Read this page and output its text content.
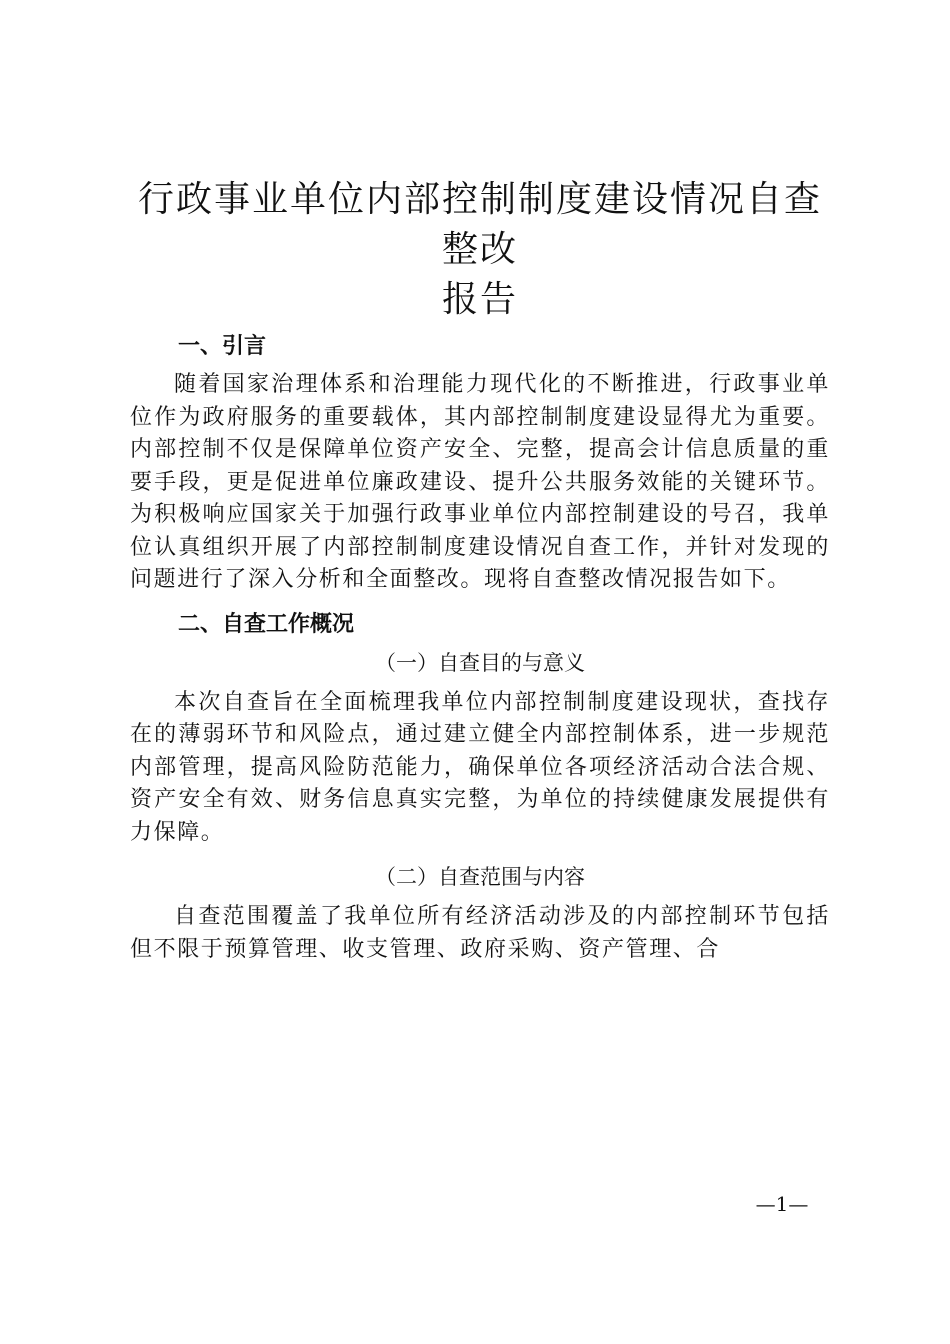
行政事业单位内部控制制度建设情况自查整改
报告
一、引言

随着国家治理体系和治理能力现代化的不断推进，行政事业单位作为政府服务的重要载体，其内部控制制度建设显得尤为重要。内部控制不仅是保障单位资产安全、完整，提高会计信息质量的重要手段，更是促进单位廉政建设、提升公共服务效能的关键环节。为积极响应国家关于加强行政事业单位内部控制建设的号召，我单位认真组织开展了内部控制制度建设情况自查工作，并针对发现的问题进行了深入分析和全面整改。现将自查整改情况报告如下。

二、自查工作概况
（一）自查目的与意义

本次自查旨在全面梳理我单位内部控制制度建设现状，查找存在的薄弱环节和风险点，通过建立健全内部控制体系，进一步规范内部管理，提高风险防范能力，确保单位各项经济活动合法合规、资产安全有效、财务信息真实完整，为单位的持续健康发展提供有力保障。

（二）自查范围与内容

自查范围覆盖了我单位所有经济活动涉及的内部控制环节包括但不限于预算管理、收支管理、政府采购、资产管理、合

—1—
